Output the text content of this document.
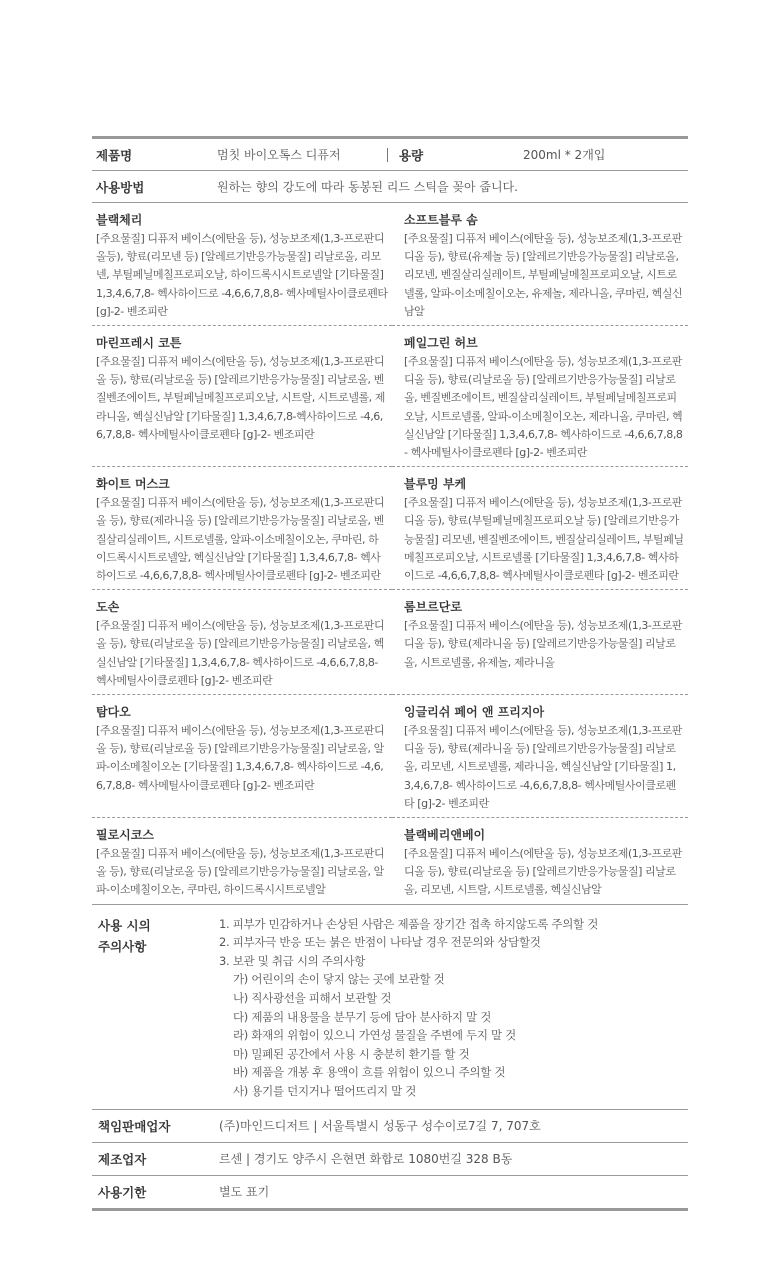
제품명	멈칫 바이오톡스 디퓨저	용량	200ml * 2개입
사용방법	원하는 향의 강도에 따라 동봉된 리드 스틱을 꽂아 줍니다.
블랙체리
[주요물질] 디퓨저 베이스(에탄올 등), 성능보조제(1,3-프로판디올등), 향료(리모넨 등) [알레르기반응가능물질] 리날로올, 리모넨, 부틸페닐메칠프로피오날, 하이드록시시트로넬알 [기타물질] 1,3,4,6,7,8- 헥사하이드로 -4,6,6,7,8,8- 헥사메틸사이클로펜타 [g]-2- 벤조피란
소프트블루 솜
[주요물질] 디퓨저 베이스(에탄올 등), 성능보조제(1,3-프로판디올 등), 향료(유제놀 등) [알레르기반응가능물질] 리날로올, 리모넨, 벤질살리실레이트, 부틸페닐메칠프로피오날, 시트로넬롤, 알파-이소메칠이오논, 유제놀, 제라니올, 쿠마린, 헥실신남알
마린프레시 코튼
[주요물질] 디퓨저 베이스(에탄올 등), 성능보조제(1,3-프로판디올 등), 향료(리날로올 등) [알레르기반응가능물질] 리날로올, 벤질벤조에이트, 부틸페닐메칠프로피오날, 시트랄, 시트로넬롤, 제라니올, 헥실신남알 [기타물질] 1,3,4,6,7,8-헥사하이드로 -4,6,6,7,8,8- 헥사메틸사이클로펜타 [g]-2- 벤조피란
페일그린 허브
[주요물질] 디퓨저 베이스(에탄올 등), 성능보조제(1,3-프로판디올 등), 향료(리날로올 등) [알레르기반응가능물질] 리날로올, 벤질벤조에이트, 벤질살리실레이트, 부틸페닐메칠프로피오날, 시트로넬롤, 알파-이소메칠이오논, 제라니올, 쿠마린, 헥실신남알 [기타물질] 1,3,4,6,7,8- 헥사하이드로 -4,6,6,7,8,8- 헥사메틸사이클로펜타 [g]-2- 벤조피란
화이트 머스크
[주요물질] 디퓨저 베이스(에탄올 등), 성능보조제(1,3-프로판디올 등), 향료(제라니올 등) [알레르기반응가능물질] 리날로올, 벤질살리실레이트, 시트로넬롤, 알파-이소메칠이오논, 쿠마린, 하이드록시시트로넬알, 헥실신남알 [기타물질] 1,3,4,6,7,8- 헥사하이드로 -4,6,6,7,8,8- 헥사메틸사이클로펜타 [g]-2- 벤조피란
블루밍 부케
[주요물질] 디퓨저 베이스(에탄올 등), 성능보조제(1,3-프로판디올 등), 향료(부틸페닐메칠프로피오날 등) [알레르기반응가능물질] 리모넨, 벤질벤조에이트, 벤질살리실레이트, 부틸페닐메칠프로피오날, 시트로넬롤 [기타물질] 1,3,4,6,7,8- 헥사하이드로 -4,6,6,7,8,8- 헥사메틸사이클로펜타 [g]-2- 벤조피란
도손
[주요물질] 디퓨저 베이스(에탄올 등), 성능보조제(1,3-프로판디올 등), 향료(리날로올 등) [알레르기반응가능물질] 리날로올, 헥실신남알 [기타물질] 1,3,4,6,7,8- 헥사하이드로 -4,6,6,7,8,8- 헥사메틸사이클로펜타 [g]-2- 벤조피란
롬브르단로
[주요물질] 디퓨저 베이스(에탄올 등), 성능보조제(1,3-프로판디올 등), 향료(제라니올 등) [알레르기반응가능물질] 리날로올, 시트로넬롤, 유제놀, 제라니올
탐다오
[주요물질] 디퓨저 베이스(에탄올 등), 성능보조제(1,3-프로판디올 등), 향료(리날로올 등) [알레르기반응가능물질] 리날로올, 알파-이소메칠이오논 [기타물질] 1,3,4,6,7,8- 헥사하이드로 -4,6,6,7,8,8- 헥사메틸사이클로펜타 [g]-2- 벤조피란
잉글리쉬 페어 앤 프리지아
[주요물질] 디퓨저 베이스(에탄올 등), 성능보조제(1,3-프로판디올 등), 향료(제라니올 등) [알레르기반응가능물질] 리날로올, 리모넨, 시트로넬롤, 제라니올, 헥실신남알 [기타물질] 1,3,4,6,7,8- 헥사하이드로 -4,6,6,7,8,8- 헥사메틸사이클로펜타 [g]-2- 벤조피란
필로시코스
[주요물질] 디퓨저 베이스(에탄올 등), 성능보조제(1,3-프로판디올 등), 향료(리날로올 등) [알레르기반응가능물질] 리날로올, 알파-이소메칠이오논, 쿠마린, 하이드록시시트로넬알
블랙베리앤베이
[주요물질] 디퓨저 베이스(에탄올 등), 성능보조제(1,3-프로판디올 등), 향료(리날로올 등) [알레르기반응가능물질] 리날로올, 리모넨, 시트랄, 시트로넬롤, 헥실신남알
사용 시의
주의사항
1. 피부가 민감하거나 손상된 사람은 제품을 장기간 접촉 하지않도록 주의할 것
2. 피부자극 반응 또는 붉은 반점이 나타날 경우 전문의와 상담할것
3. 보관 및 취급 시의 주의사항
가) 어린이의 손이 닿지 않는 곳에 보관할 것
나) 직사광선을 피해서 보관할 것
다) 제품의 내용물을 분무기 등에 담아 분사하지 말 것
라) 화재의 위험이 있으니 가연성 물질을 주변에 두지 말 것
마) 밀폐된 공간에서 사용 시 충분히 환기를 할 것
바) 제품을 개봉 후 용액이 흐를 위험이 있으니 주의할 것
사) 용기를 던지거나 떨어뜨리지 말 것
책임판매업자	(주)마인드디저트 | 서울특별시 성동구 성수이로7길 7, 707호
제조업자	르센 | 경기도 양주시 은현면 화합로 1080번길 328 B동
사용기한	별도 표기
